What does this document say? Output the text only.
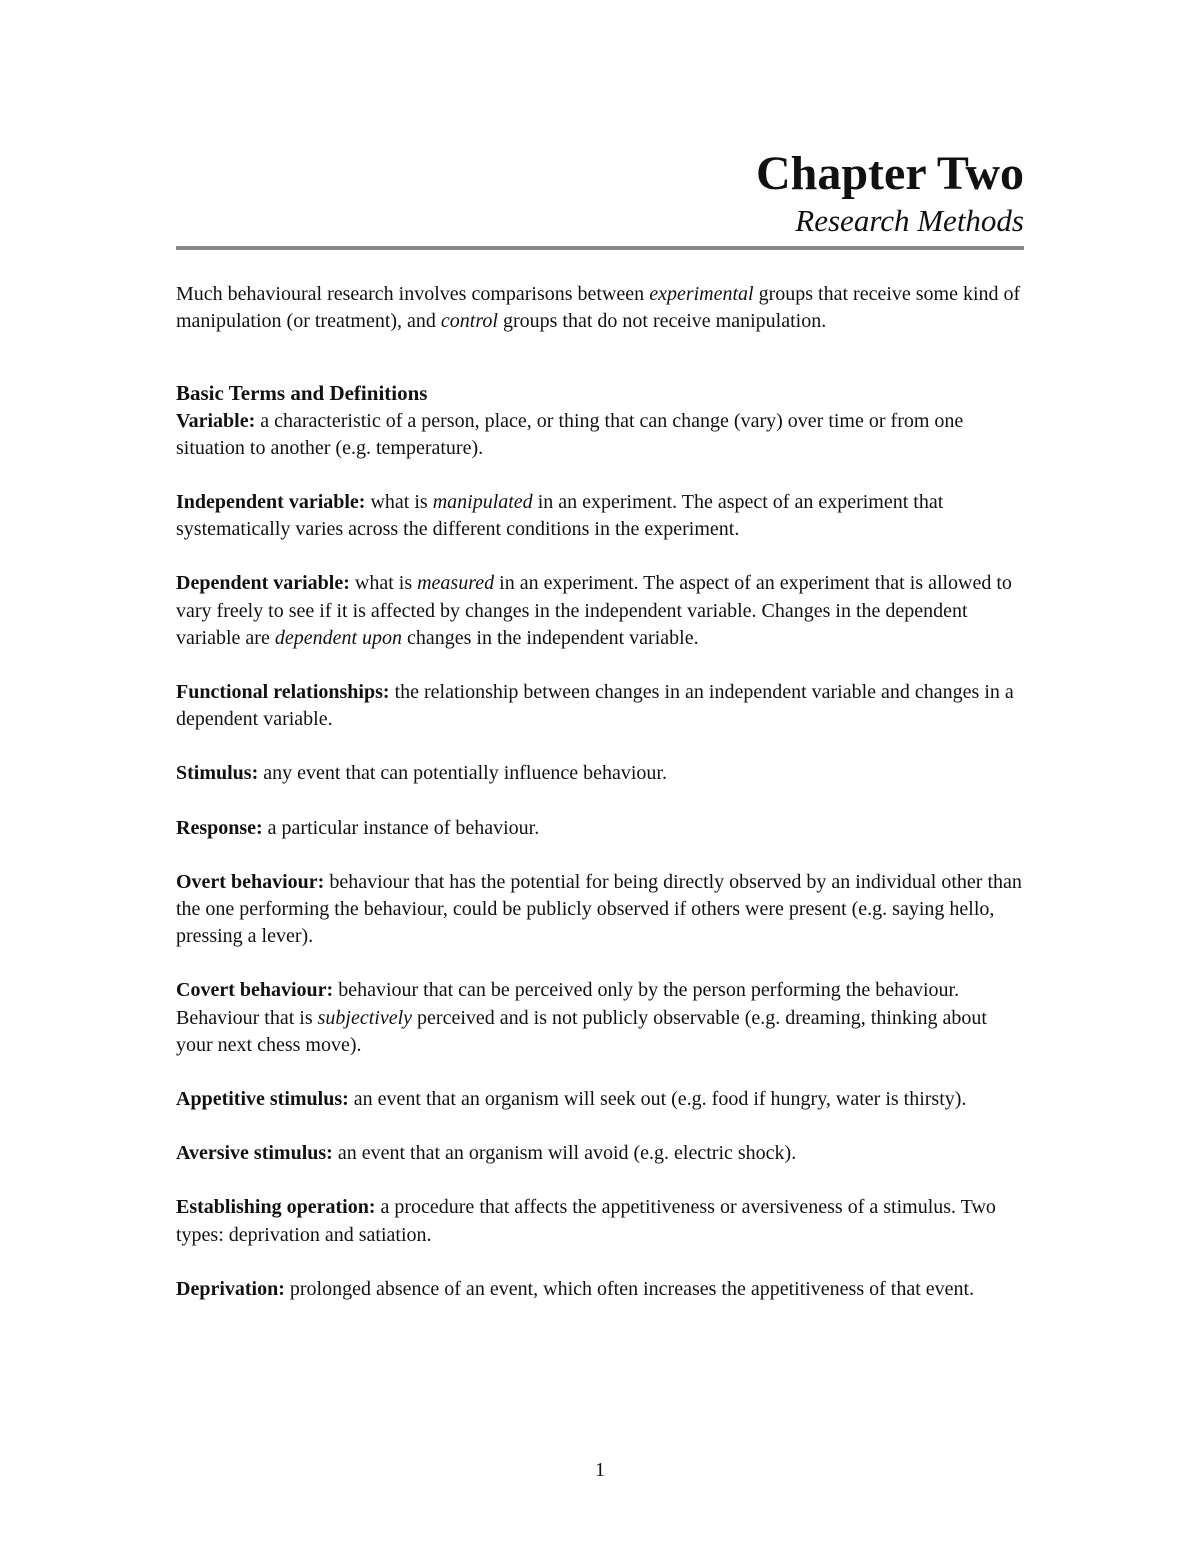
Chapter Two
Research Methods

Much behavioural research involves comparisons between experimental groups that receive some kind of manipulation (or treatment), and control groups that do not receive manipulation.

Basic Terms and Definitions

Variable: a characteristic of a person, place, or thing that can change (vary) over time or from one situation to another (e.g. temperature).

Independent variable: what is manipulated in an experiment. The aspect of an experiment that systematically varies across the different conditions in the experiment.

Dependent variable: what is measured in an experiment. The aspect of an experiment that is allowed to vary freely to see if it is affected by changes in the independent variable. Changes in the dependent variable are dependent upon changes in the independent variable.

Functional relationships: the relationship between changes in an independent variable and changes in a dependent variable.

Stimulus: any event that can potentially influence behaviour.

Response: a particular instance of behaviour.

Overt behaviour: behaviour that has the potential for being directly observed by an individual other than the one performing the behaviour, could be publicly observed if others were present (e.g. saying hello, pressing a lever).

Covert behaviour: behaviour that can be perceived only by the person performing the behaviour. Behaviour that is subjectively perceived and is not publicly observable (e.g. dreaming, thinking about your next chess move).

Appetitive stimulus: an event that an organism will seek out (e.g. food if hungry, water is thirsty).

Aversive stimulus: an event that an organism will avoid (e.g. electric shock).

Establishing operation: a procedure that affects the appetitiveness or aversiveness of a stimulus. Two types: deprivation and satiation.

Deprivation: prolonged absence of an event, which often increases the appetitiveness of that event.

1
